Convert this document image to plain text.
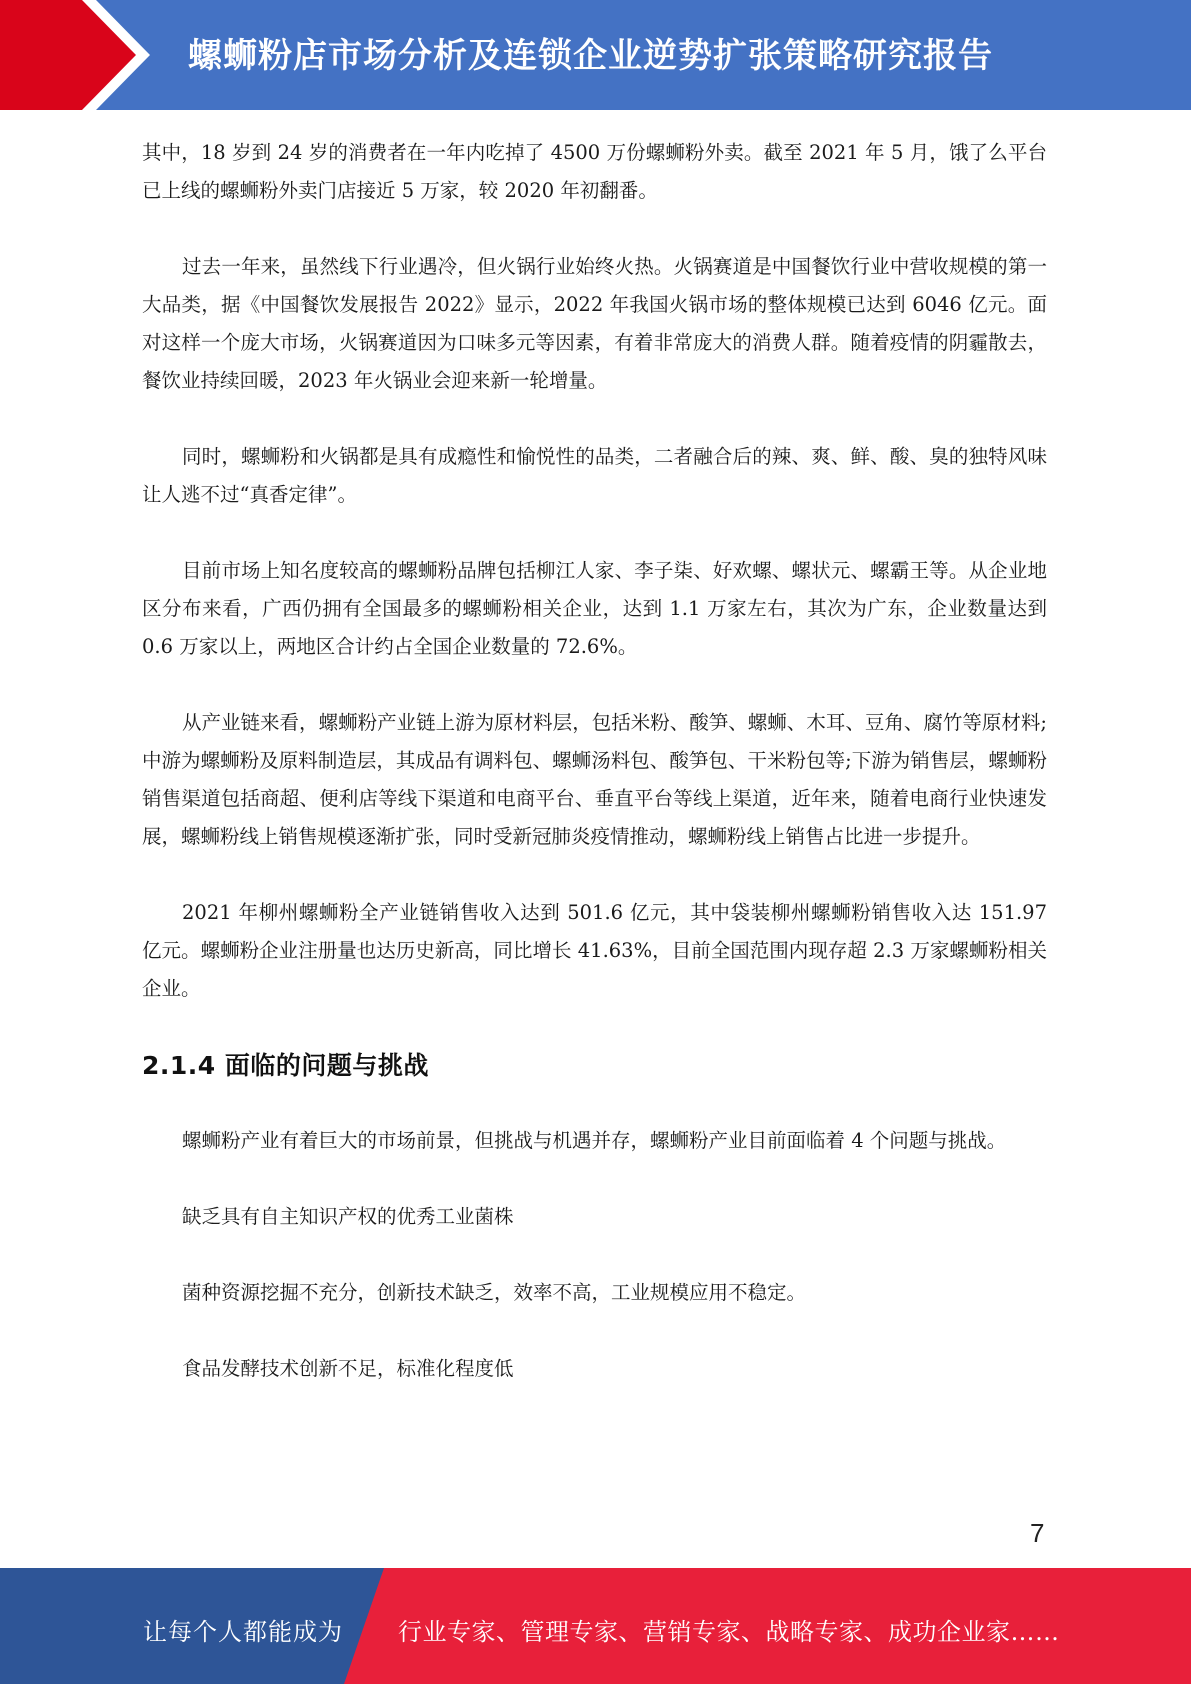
螺蛳粉店市场分析及连锁企业逆势扩张策略研究报告

其中，18 岁到 24 岁的消费者在一年内吃掉了 4500 万份螺蛳粉外卖。截至 2021 年 5 月，饿了么平台已上线的螺蛳粉外卖门店接近 5 万家，较 2020 年初翻番。

过去一年来，虽然线下行业遇冷，但火锅行业始终火热。火锅赛道是中国餐饮行业中营收规模的第一大品类，据《中国餐饮发展报告 2022》显示，2022 年我国火锅市场的整体规模已达到 6046 亿元。面对这样一个庞大市场，火锅赛道因为口味多元等因素，有着非常庞大的消费人群。随着疫情的阴霾散去，餐饮业持续回暖，2023 年火锅业会迎来新一轮增量。

同时，螺蛳粉和火锅都是具有成瘾性和愉悦性的品类，二者融合后的辣、爽、鲜、酸、臭的独特风味让人逃不过“真香定律”。

目前市场上知名度较高的螺蛳粉品牌包括柳江人家、李子柒、好欢螺、螺状元、螺霸王等。从企业地区分布来看，广西仍拥有全国最多的螺蛳粉相关企业，达到 1.1 万家左右，其次为广东，企业数量达到 0.6 万家以上，两地区合计约占全国企业数量的 72.6%。

从产业链来看，螺蛳粉产业链上游为原材料层，包括米粉、酸笋、螺蛳、木耳、豆角、腐竹等原材料;中游为螺蛳粉及原料制造层，其成品有调料包、螺蛳汤料包、酸笋包、干米粉包等;下游为销售层，螺蛳粉销售渠道包括商超、便利店等线下渠道和电商平台、垂直平台等线上渠道，近年来，随着电商行业快速发展，螺蛳粉线上销售规模逐渐扩张，同时受新冠肺炎疫情推动，螺蛳粉线上销售占比进一步提升。

2021 年柳州螺蛳粉全产业链销售收入达到 501.6 亿元，其中袋装柳州螺蛳粉销售收入达 151.97 亿元。螺蛳粉企业注册量也达历史新高，同比增长 41.63%，目前全国范围内现存超 2.3 万家螺蛳粉相关企业。

2.1.4 面临的问题与挑战

螺蛳粉产业有着巨大的市场前景，但挑战与机遇并存，螺蛳粉产业目前面临着 4 个问题与挑战。

缺乏具有自主知识产权的优秀工业菌株

菌种资源挖掘不充分，创新技术缺乏，效率不高，工业规模应用不稳定。

食品发酵技术创新不足，标准化程度低

7
让每个人都能成为 行业专家、管理专家、营销专家、战略专家、成功企业家……
